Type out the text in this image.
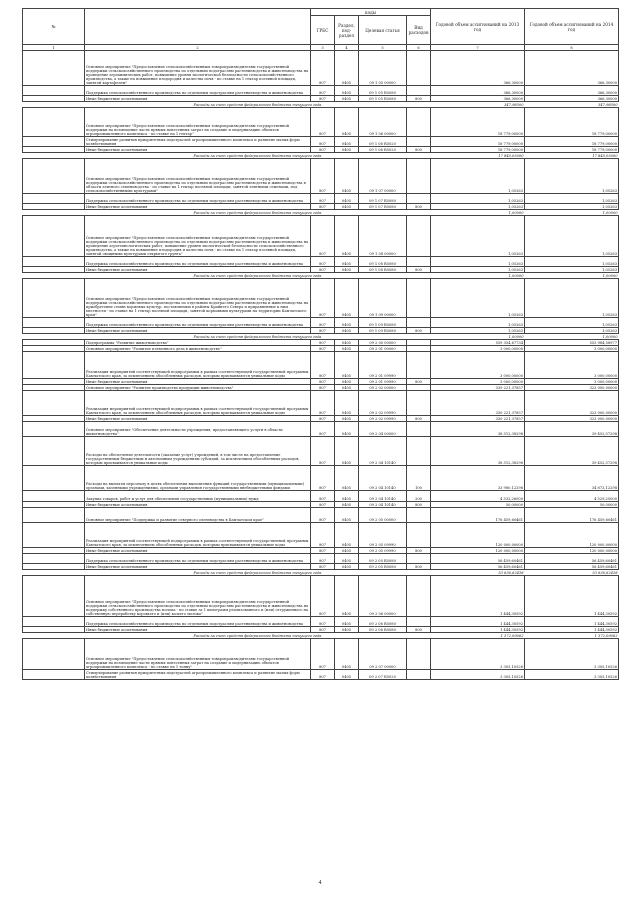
№		коды				Годовой объем ассигнований на 2013 год	Годовой объем ассигнований на 2014 год
		ГРБС	Раздел, под-раздел	Целевая статья	Вид расходов		
1	2	3	4	5	6	7	8
	Основное мероприятие "Предоставление сельскохозяйственным товаропроизводителям государственной поддержки сельскохозяйственного производства по отдельным подотраслям растениеводства и животноводства на проведение агрохимических работ, повышение уровня экологической безопасности сельскохозяйственного производства, а также на повышение плодородия и качества почв - по ставке на 1 гектар посевной площади, занятой картофелем"	807	0405	09 1 05 00000		366,30000	366,30000
	Поддержка сельскохозяйственного производства по отдельным подотраслям растениеводства и животноводства	807	0405	09 1 05 R5080		366,30000	366,30000
	Иные бюджетные ассигнования	807	0405	09 1 05 R5080	800	366,30000	366,30000
	Расходы за счет средств федерального бюджета текущего года					347,98500	347,98500
	Основное мероприятие "Предоставление сельскохозяйственным товаропроизводителям государственной поддержки на возмещение части прямых понесенных затрат на создание и модернизацию объектов агропромышленного комплекса - по ставке на 1 гектар"	807	0405	09 1 06 00000		18 779,00000	18 779,00000
	Стимулирование развития приоритетных подотраслей агропромышленного комплекса и развитие малых форм хозяйствования	807	0405	09 1 06 R5020		18 779,00000	18 779,00000
	Иные бюджетные ассигнования	807	0405	09 1 06 R5020	800	18 779,00000	18 779,00000
	Расходы за счет средств федерального бюджета текущего года					17 840,05000	17 840,05000
	Основное мероприятие "Предоставление сельскохозяйственным товаропроизводителям государственной поддержки сельскохозяйственного производства по отдельным подотраслям растениеводства и животноводства в области элитного семеноводства - по ставке на 1 гектар посевной площади, занятой элитными семенами, под сельскохозяйственными культурами"	807	0405	09 1 07 00000		1,05263	1,05263
	Поддержка сельскохозяйственного производства по отдельным подотраслям растениеводства и животноводства	807	0405	09 1 07 R5080		1,05263	1,05263
	Иные бюджетные ассигнования	807	0405	09 1 07 R5080	800	1,05263	1,05263
	Расходы за счет средств федерального бюджета текущего года					1,00000	1,00000
	Основное мероприятие "Предоставление сельскохозяйственным товаропроизводителям государственной поддержки сельскохозяйственного производства по отдельным подотраслям растениеводства и животноводства на проведение агротехнологических работ, повышение уровня экологической безопасности сельскохозяйственного производства, а также на повышение плодородия и качества почв - по ставке на 1 гектар посевной площади, занятой овощными культурами открытого грунта"	807	0405	09 1 08 00000		1,05263	1,05263
	Поддержка сельскохозяйственного производства по отдельным подотраслям растениеводства и животноводства	807	0405	09 1 08 R5080		1,05263	1,05263
	Иные бюджетные ассигнования	807	0405	09 1 08 R5080	800	1,05263	1,05263
	Расходы за счет средств федерального бюджета текущего года					1,00000	1,00000
	Основное мероприятие "Предоставление сельскохозяйственным товаропроизводителям государственной поддержки сельскохозяйственного производства по отдельным подотраслям растениеводства и животноводства на приобретение семян кормовых культур, поставляемых в районы Крайнего Севера и приравненные к ним местности - по ставке на 1 гектар посевной площади, занятой кормовыми культурами на территории Камчатского края"	807	0405	09 1 09 00000		1,05263	1,05263
	Поддержка сельскохозяйственного производства по отдельным подотраслям растениеводства и животноводства	807	0405	09 1 09 R5080		1,05263	1,05263
	Иные бюджетные ассигнования	807	0405	09 1 09 R5080	800	1,05263	1,05263
	Расходы за счет средств федерального бюджета текущего года					1,00000	1,00000
	Подпрограмма "Развитие животноводства"	807	0405	09 2 00 00000		559 354,67734	553 984,58977
	Основное мероприятие "Развитие племенного дела в животноводстве"	807	0405	09 2 01 00000		3 000,00000	3 000,00000
	Реализация мероприятий соответствующей подпрограммы в рамках соответствующей государственной программы Камчатского края, за исключением обособленных расходов, которым присваиваются уникальные коды	807	0405	09 2 01 09990		3 000,00000	3 000,00000
	Иные бюджетные ассигнования	807	0405	09 2 01 09990	800	3 000,00000	3 000,00000
	Основное мероприятие "Развитие производства продукции животноводства"	807	0405	09 2 02 00000		339 221,37857	323 000,00000
	Реализация мероприятий соответствующей подпрограммы в рамках соответствующей государственной программы Камчатского края, за исключением обособленных расходов, которым присваиваются уникальные коды	807	0405	09 2 02 09990		330 221,37857	323 000,00000
	Иные бюджетные ассигнования	807	0405	09 2 02 09990	800	330 221,37857	323 000,00000
	Основное мероприятие "Обеспечение деятельности учреждения, предоставляющего услуги в области животноводства"	807	0405	09 2 04 00000		38 512,38298	39 452,57298
	Расходы на обеспечение деятельности (оказание услуг) учреждений, в том числе на предоставление государственным бюджетным и автономным учреждениям субсидий, за исключением обособленных расходов, которым присваиваются уникальные коды	807	0405	09 2 04 10140		38 512,38298	39 452,57298
	Расходы на выплаты персоналу в целях обеспечения выполнения функций государственными (муниципальными) органами, казенными учреждениями, органами управления государственными внебюджетными фондами	807	0405	09 2 04 10140	100	33 980,12298	34 873,12298
	Закупка товаров, работ и услуг для обеспечения государственных (муниципальных) нужд	807	0405	09 2 04 10140	200	4 532,26000	4 529,25000
	Иные бюджетные ассигнования	807	0405	09 2 04 10140	800	50,00000	50,00000
	Основное мероприятие "Поддержка и развитие северного оленеводства в Камчатском крае"	807	0405	09 2 05 00000		176 459,60461	176 459,60461
	Реализация мероприятий соответствующей подпрограммы в рамках соответствующей государственной программы Камчатского края, за исключением обособленных расходов, которым присваиваются уникальные коды	807	0405	09 2 05 09990		120 000,00000	120 000,00000
	Иные бюджетные ассигнования	807	0405	09 2 05 09990	800	120 000,00000	120 000,00000
	Поддержка сельскохозяйственного производства по отдельным подотраслям растениеводства и животноводства	807	0405	09 2 05 R5080		56 459,60461	56 459,60461
	Иные бюджетные ассигнования	807	0405	09 2 05 R5080	800	56 459,60461	56 459,60461
	Расходы за счет средств федерального бюджета текущего года					53 636,62438	53 636,62438
	Основное мероприятие "Предоставление сельскохозяйственным товаропроизводителям государственной поддержки сельскохозяйственного производства по отдельным подотраслям растениеводства и животноводства на поддержку собственного производства молока - по ставке за 1 килограмм реализованного и (или) отгруженного на собственную переработку коровьего и (или) козьего молока"	807	0405	09 2 06 00000		1 444,30592	1 444,30592
	Поддержка сельскохозяйственного производства по отдельным подотраслям растениеводства и животноводства	807	0405	09 2 06 R5080		1 444,30592	1 444,30592
	Иные бюджетные ассигнования	807	0405	09 2 06 R5080	800	1 444,30592	1 444,30592
	Расходы за счет средств федерального бюджета текущего года					1 372,09062	1 372,09062
	Основное мероприятие "Предоставление сельскохозяйственным товаропроизводителям государственной поддержки на возмещение части прямых понесенных затрат на создание и модернизацию объектов агропромышленного комплекса - по ставке на 1 тонну"	807	0405	09 2 07 00000		3 305,10526	3 305,10526
	Стимулирование развития приоритетных подотраслей агропромышленного комплекса и развитие малых форм хозяйствования	807	0405	09 2 07 R5020		3 305,10526	3 305,10526
4
